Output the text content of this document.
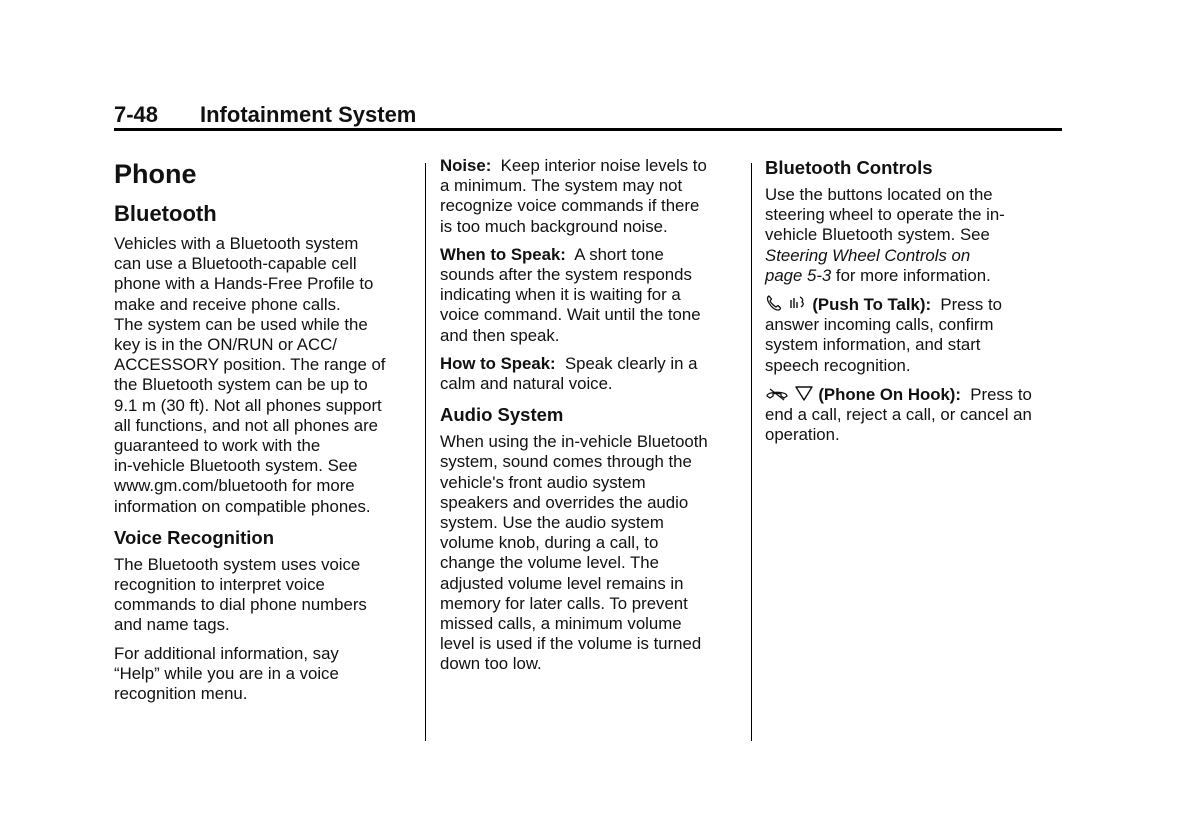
7-48 Infotainment System
Phone
Bluetooth

Vehicles with a Bluetooth system
can use a Bluetooth-capable cell
phone with a Hands-Free Profile to
make and receive phone calls.
The system can be used while the
key is in the ON/RUN or ACC/
ACCESSORY position. The range of
the Bluetooth system can be up to
9.1 m (30 ft). Not all phones support
all functions, and not all phones are
guaranteed to work with the
in-vehicle Bluetooth system. See
www.gm.com/bluetooth for more
information on compatible phones.

Voice Recognition

The Bluetooth system uses voice
recognition to interpret voice
commands to dial phone numbers
and name tags.

For additional information, say
“Help” while you are in a voice
recognition menu.

Noise: Keep interior noise levels to
a minimum. The system may not
recognize voice commands if there
is too much background noise.

When to Speak: A short tone
sounds after the system responds
indicating when it is waiting for a
voice command. Wait until the tone
and then speak.

How to Speak: Speak clearly in a
calm and natural voice.

Audio System

When using the in-vehicle Bluetooth
system, sound comes through the
vehicle's front audio system
speakers and overrides the audio
system. Use the audio system
volume knob, during a call, to
change the volume level. The
adjusted volume level remains in
memory for later calls. To prevent
missed calls, a minimum volume
level is used if the volume is turned
down too low.

Bluetooth Controls

Use the buttons located on the
steering wheel to operate the in-
vehicle Bluetooth system. See
Steering Wheel Controls on
page 5-3 for more information.

(Push To Talk): Press to
answer incoming calls, confirm
system information, and start
speech recognition.

(Phone On Hook): Press to
end a call, reject a call, or cancel an
operation.
